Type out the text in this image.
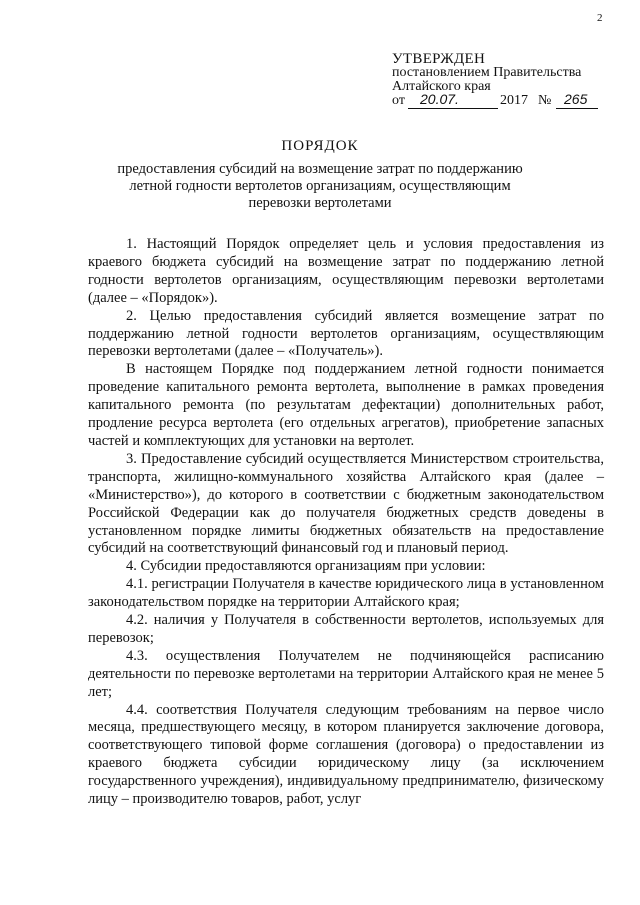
2
УТВЕРЖДЕН
постановлением Правительства
Алтайского края
от 20.07.	2017 № 265
ПОРЯДОК
предоставления субсидий на возмещение затрат по поддержанию
летной годности вертолетов организациям, осуществляющим
перевозки вертолетами

1. Настоящий Порядок определяет цель и условия предоставления из краевого бюджета субсидий на возмещение затрат по поддержанию летной годности вертолетов организациям, осуществляющим перевозки вертолетами (далее – «Порядок»).

2. Целью предоставления субсидий является возмещение затрат по поддержанию летной годности вертолетов организациям, осуществляющим перевозки вертолетами (далее – «Получатель»).

В настоящем Порядке под поддержанием летной годности понимается проведение капитального ремонта вертолета, выполнение в рамках проведения капитального ремонта (по результатам дефектации) дополнительных работ, продление ресурса вертолета (его отдельных агрегатов), приобретение запасных частей и комплектующих для установки на вертолет.

3. Предоставление субсидий осуществляется Министерством строительства, транспорта, жилищно-коммунального хозяйства Алтайского края (далее – «Министерство»), до которого в соответствии с бюджетным законодательством Российской Федерации как до получателя бюджетных средств доведены в установленном порядке лимиты бюджетных обязательств на предоставление субсидий на соответствующий финансовый год и плановый период.

4. Субсидии предоставляются организациям при условии:

4.1. регистрации Получателя в качестве юридического лица в установленном законодательством порядке на территории Алтайского края;

4.2. наличия у Получателя в собственности вертолетов, используемых для перевозок;

4.3. осуществления Получателем не подчиняющейся расписанию деятельности по перевозке вертолетами на территории Алтайского края не менее 5 лет;

4.4. соответствия Получателя следующим требованиям на первое число месяца, предшествующего месяцу, в котором планируется заключение договора, соответствующего типовой форме соглашения (договора) о предоставлении из краевого бюджета субсидии юридическому лицу (за исключением государственного учреждения), индивидуальному предпринимателю, физическому лицу – производителю товаров, работ, услуг
